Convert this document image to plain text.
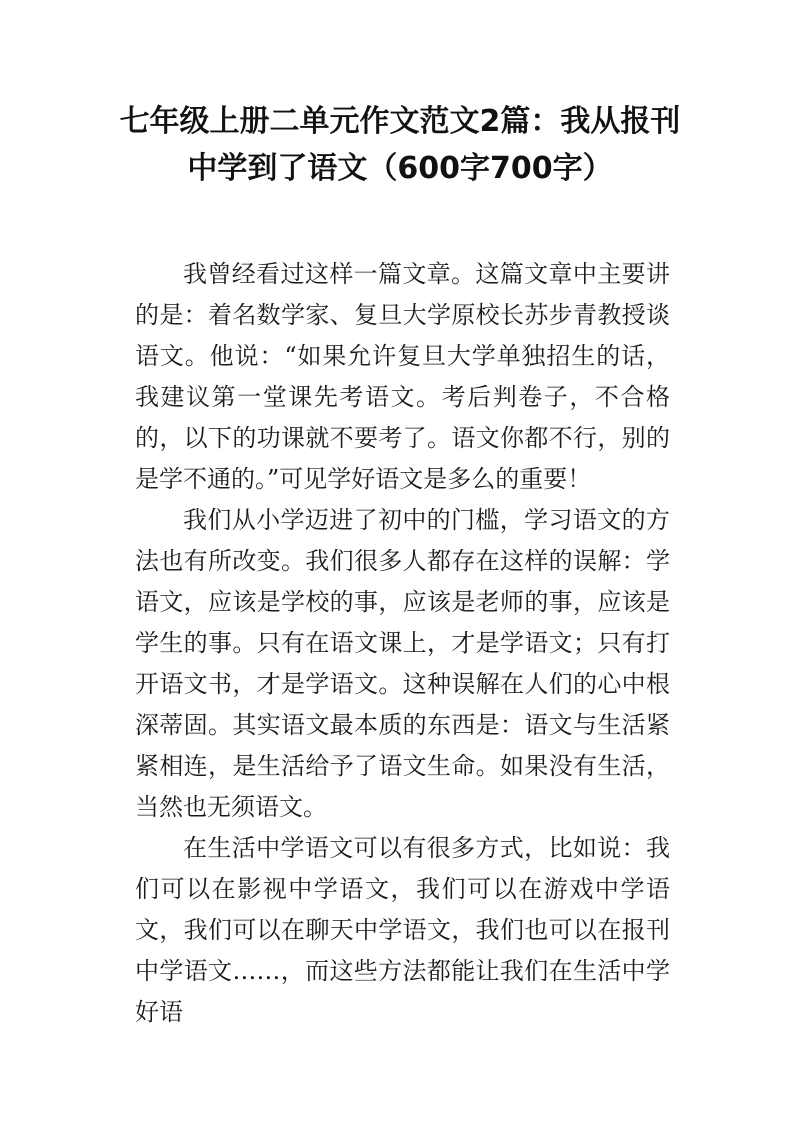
七年级上册二单元作文范文2篇：我从报刊中学到了语文（600字700字）

我曾经看过这样一篇文章。这篇文章中主要讲的是：着名数学家、复旦大学原校长苏步青教授谈语文。他说：“如果允许复旦大学单独招生的话，我建议第一堂课先考语文。考后判卷子，不合格的，以下的功课就不要考了。语文你都不行，别的是学不通的。”可见学好语文是多么的重要！

我们从小学迈进了初中的门槛，学习语文的方法也有所改变。我们很多人都存在这样的误解：学语文，应该是学校的事，应该是老师的事，应该是学生的事。只有在语文课上，才是学语文；只有打开语文书，才是学语文。这种误解在人们的心中根深蒂固。其实语文最本质的东西是：语文与生活紧紧相连，是生活给予了语文生命。如果没有生活，当然也无须语文。

在生活中学语文可以有很多方式，比如说：我们可以在影视中学语文，我们可以在游戏中学语文，我们可以在聊天中学语文，我们也可以在报刊中学语文……，而这些方法都能让我们在生活中学好语
